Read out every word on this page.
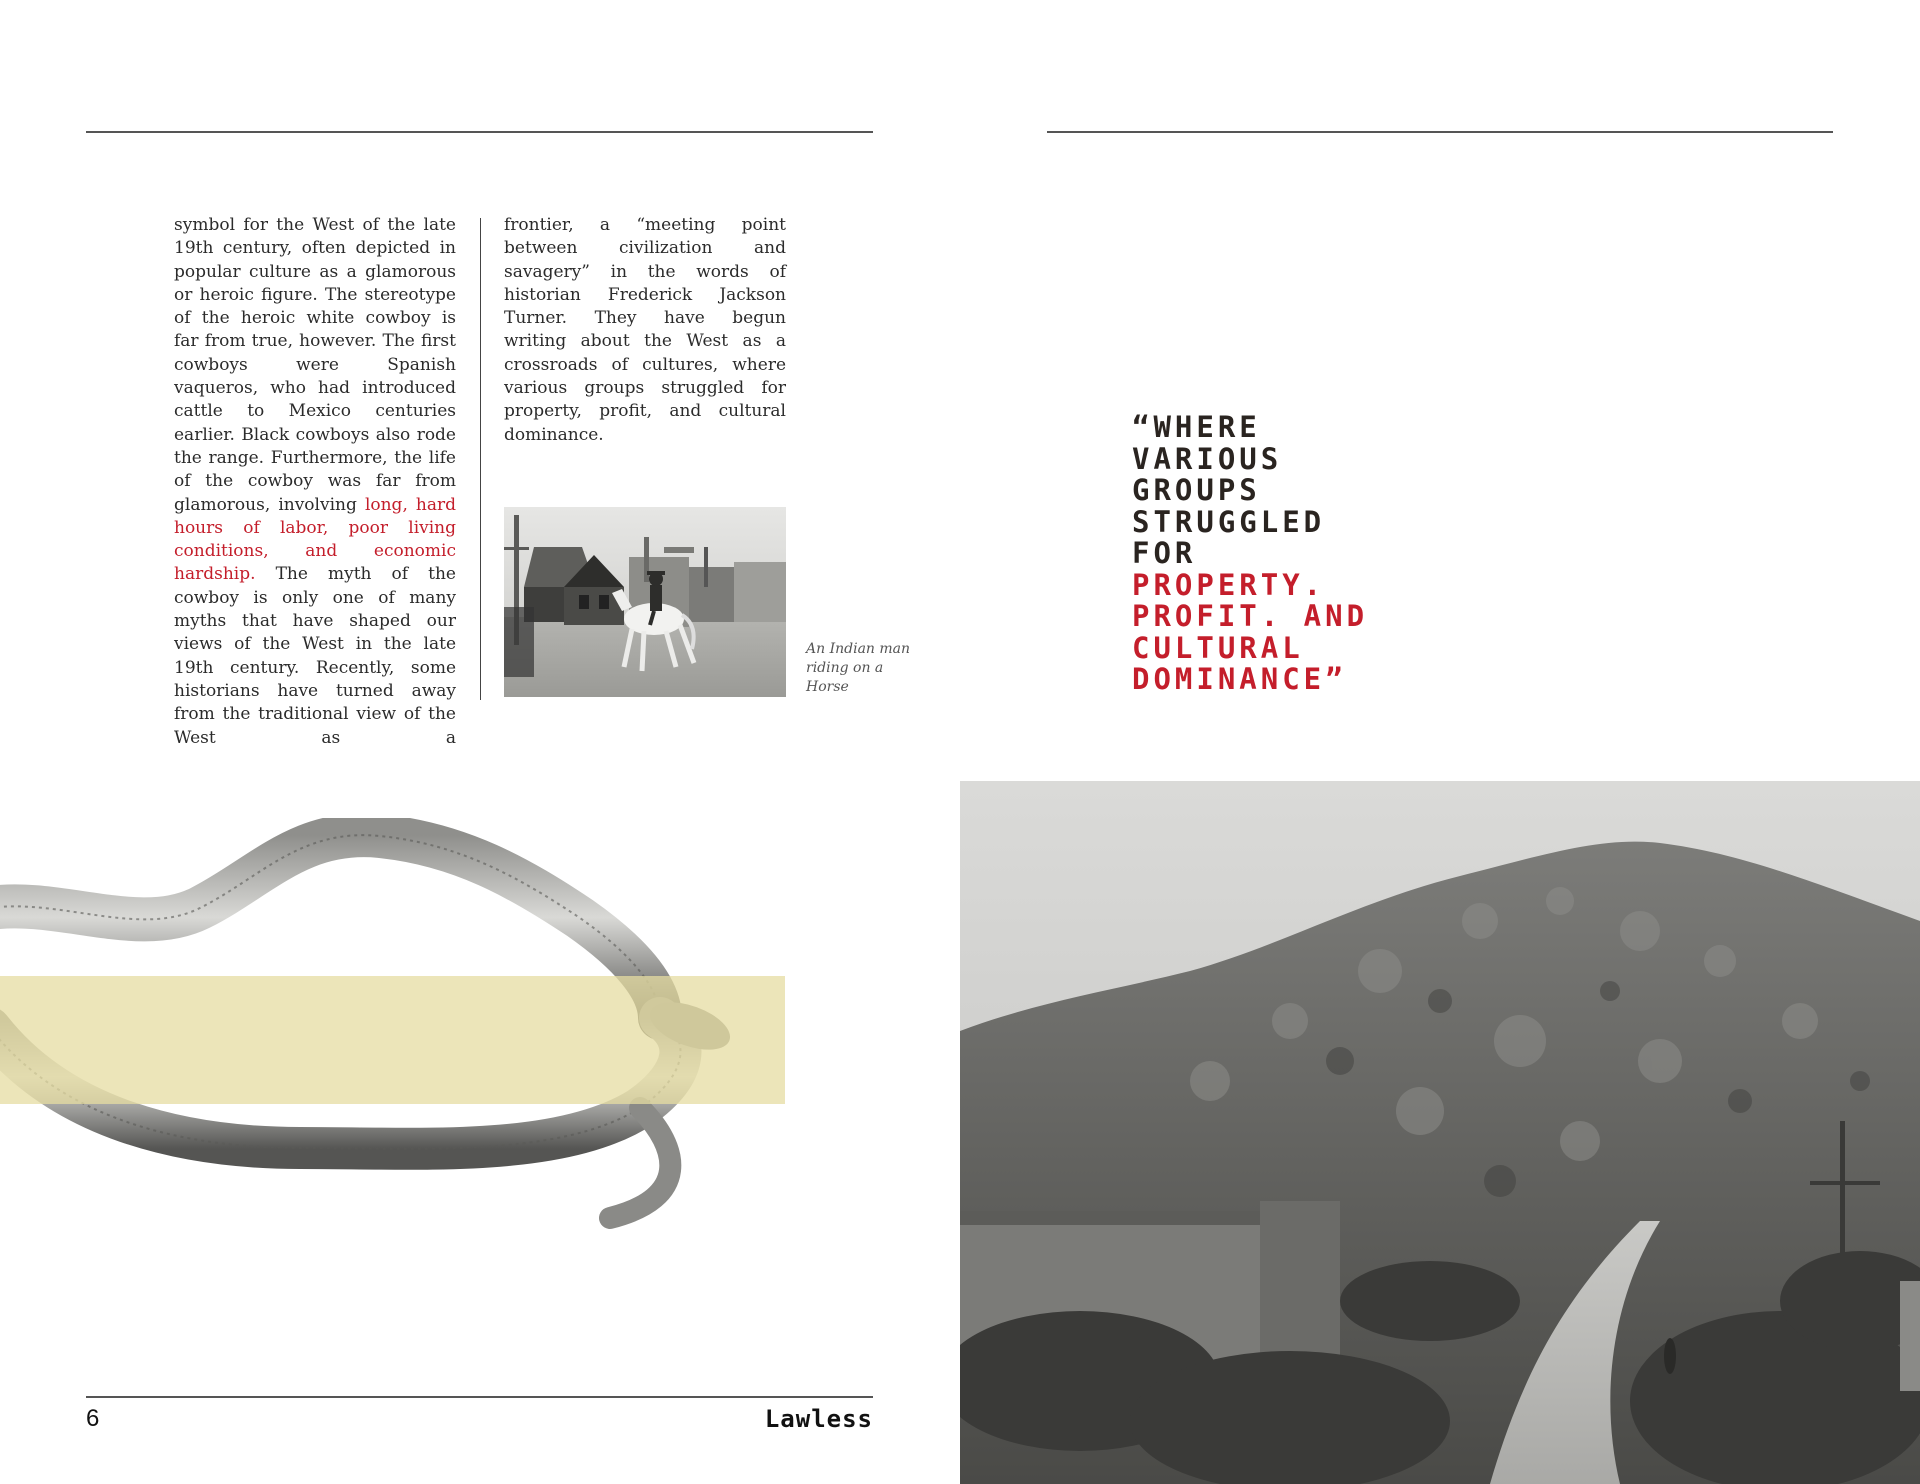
symbol for the West of the late 19th century, often depicted in popular culture as a glamorous or heroic figure. The stereotype of the heroic white cowboy is far from true, however. The first cowboys were Spanish vaqueros, who had introduced cattle to Mexico centuries earlier. Black cowboys also rode the range. Furthermore, the life of the cowboy was far from glamorous, involving long, hard hours of labor, poor living conditions, and economic hardship. The myth of the cowboy is only one of many myths that have shaped our views of the West in the late 19th century. Recently, some historians have turned away from the traditional view of the West as a

frontier, a “meeting point between civilization and savagery” in the words of historian Frederick Jackson Turner. They have begun writing about the West as a crossroads of cultures, where various groups struggled for property, profit, and cultural dominance.

An Indian man riding on a Horse
“WHERE
VARIOUS
GROUPS
STRUGGLED
FOR
PROPERTY.
PROFIT. AND
CULTURAL
DOMINANCE”
6	Lawless
